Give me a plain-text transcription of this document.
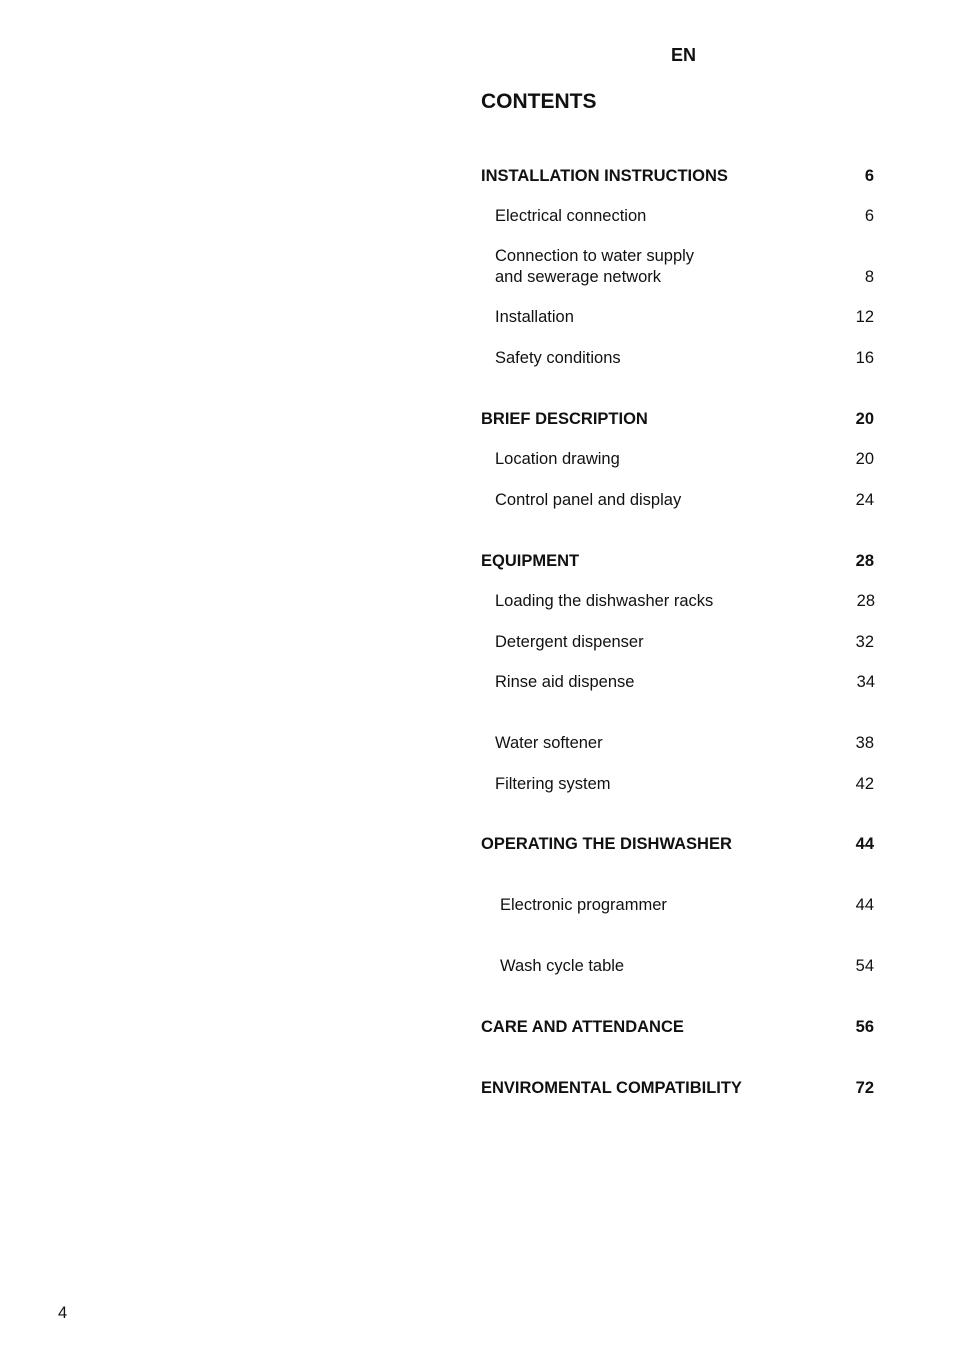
EN
CONTENTS
INSTALLATION INSTRUCTIONS	6
Electrical connection	6
Connection to water supply
and sewerage network	8
Installation	12
Safety conditions	16
BRIEF DESCRIPTION	20
Location drawing	20
Control panel and display	24
EQUIPMENT	28
Loading the dishwasher racks	28
Detergent dispenser	32
Rinse aid dispense	34
Water softener	38
Filtering system	42
OPERATING THE DISHWASHER	44
Electronic programmer	44
Wash cycle table	54
CARE AND ATTENDANCE	56
ENVIROMENTAL COMPATIBILITY	72
4
